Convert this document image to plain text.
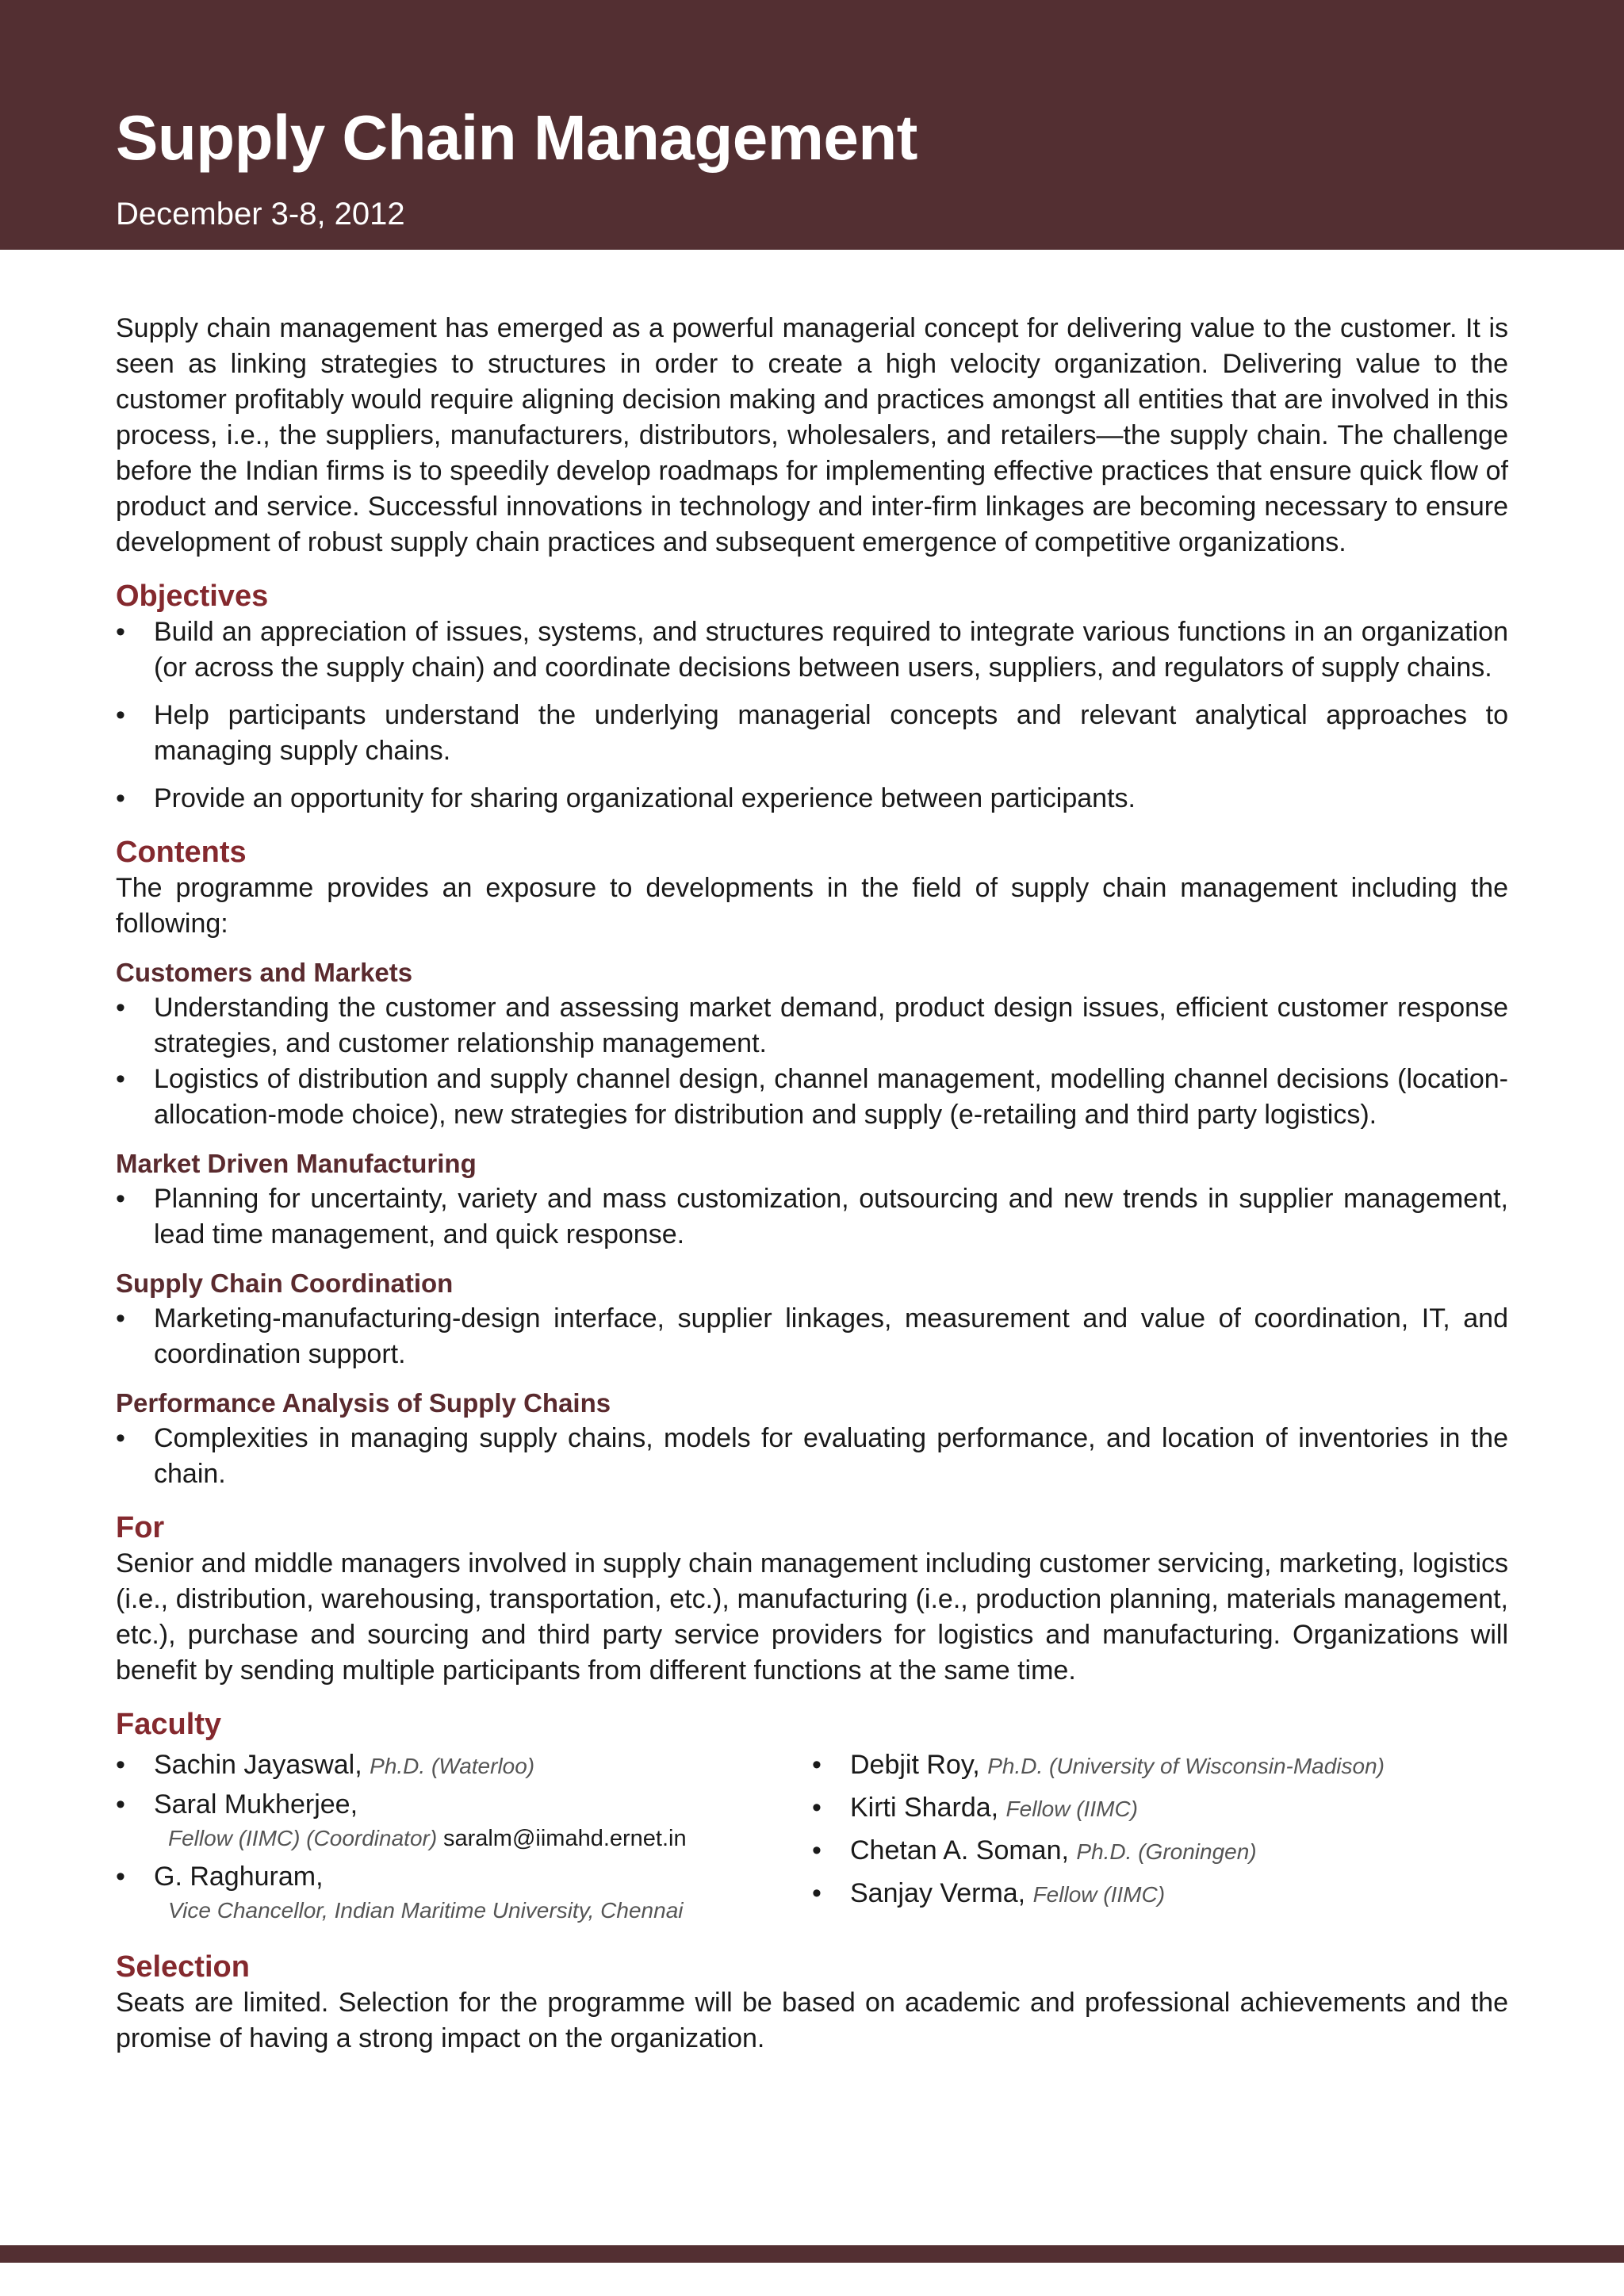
Supply Chain Management
December 3-8, 2012

Supply chain management has emerged as a powerful managerial concept for delivering value to the customer. It is seen as linking strategies to structures in order to create a high velocity organization. Delivering value to the customer profitably would require aligning decision making and practices amongst all entities that are involved in this process, i.e., the suppliers, manufacturers, distributors, wholesalers, and retailers—the supply chain. The challenge before the Indian firms is to speedily develop roadmaps for implementing effective practices that ensure quick flow of product and service. Successful innovations in technology and inter-firm linkages are becoming necessary to ensure development of robust supply chain practices and subsequent emergence of competitive organizations.

Objectives
• Build an appreciation of issues, systems, and structures required to integrate various functions in an organization (or across the supply chain) and coordinate decisions between users, suppliers, and regulators of supply chains.
• Help participants understand the underlying managerial concepts and relevant analytical approaches to managing supply chains.
• Provide an opportunity for sharing organizational experience between participants.
Contents

The programme provides an exposure to developments in the field of supply chain management including the following:

Customers and Markets
• Understanding the customer and assessing market demand, product design issues, efficient customer response strategies, and customer relationship management.
• Logistics of distribution and supply channel design, channel management, modelling channel decisions (location-allocation-mode choice), new strategies for distribution and supply (e-retailing and third party logistics).
Market Driven Manufacturing
• Planning for uncertainty, variety and mass customization, outsourcing and new trends in supplier management, lead time management, and quick response.
Supply Chain Coordination
• Marketing-manufacturing-design interface, supplier linkages, measurement and value of coordination, IT, and coordination support.
Performance Analysis of Supply Chains
• Complexities in managing supply chains, models for evaluating performance, and location of inventories in the chain.
For

Senior and middle managers involved in supply chain management including customer servicing, marketing, logistics (i.e., distribution, warehousing, transportation, etc.), manufacturing (i.e., production planning, materials management, etc.), purchase and sourcing and third party service providers for logistics and manufacturing. Organizations will benefit by sending multiple participants from different functions at the same time.

Faculty
• Sachin Jayaswal, Ph.D. (Waterloo)
• Saral Mukherjee,
Fellow (IIMC) (Coordinator) saralm@iimahd.ernet.in
• G. Raghuram,
Vice Chancellor, Indian Maritime University, Chennai
• Debjit Roy, Ph.D. (University of Wisconsin-Madison)
• Kirti Sharda, Fellow (IIMC)
• Chetan A. Soman, Ph.D. (Groningen)
• Sanjay Verma, Fellow (IIMC)
Selection

Seats are limited. Selection for the programme will be based on academic and professional achievements and the promise of having a strong impact on the organization.
